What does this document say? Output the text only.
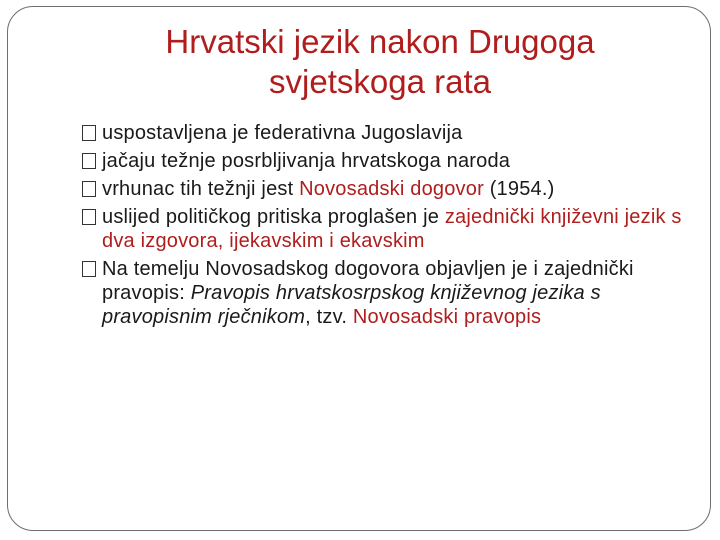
Hrvatski jezik nakon Drugoga
svjetskoga rata
uspostavljena je federativna Jugoslavija
jačaju težnje posrbljivanja hrvatskoga naroda
vrhunac tih težnji jest Novosadski dogovor (1954.)
uslijed političkog pritiska proglašen je zajednički književni jezik s dva izgovora, ijekavskim i ekavskim
Na temelju Novosadskog dogovora objavljen je i zajednički pravopis: Pravopis hrvatskosrpskog književnog jezika s pravopisnim rječnikom, tzv. Novosadski pravopis
